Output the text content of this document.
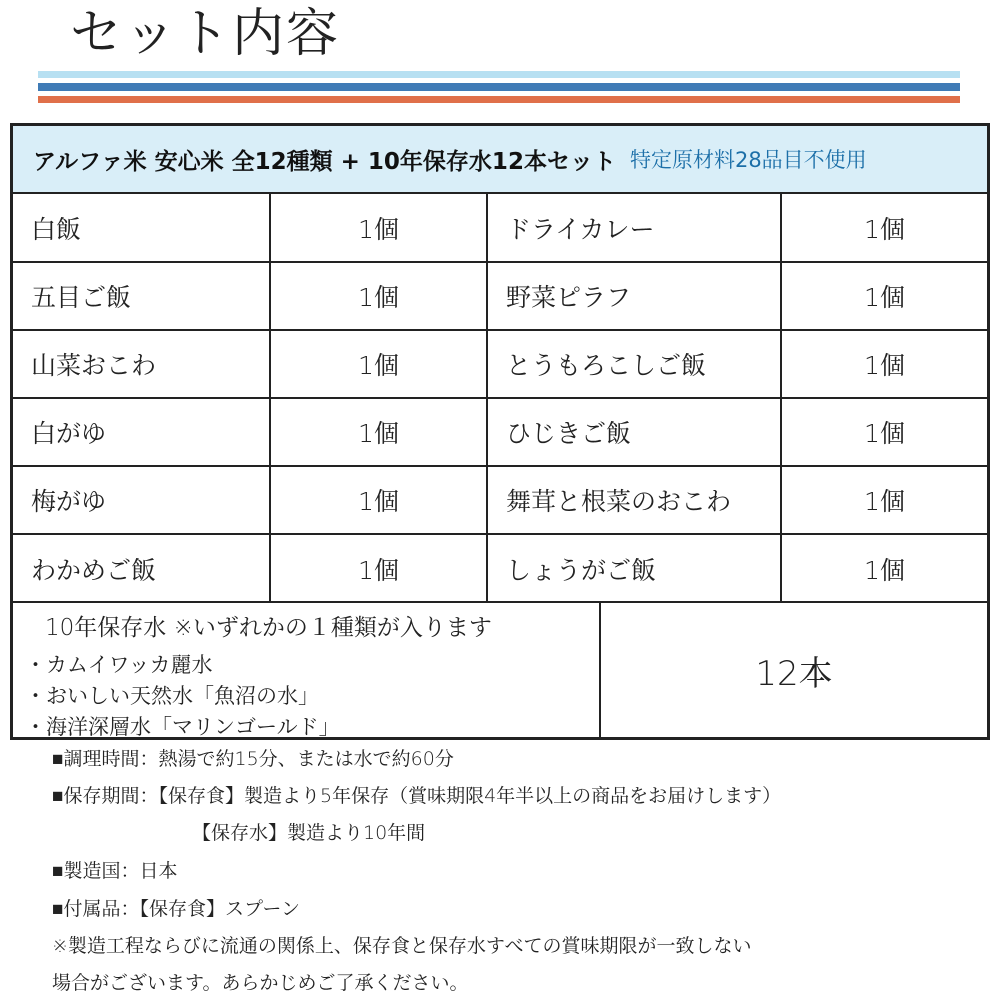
セット内容
アルファ米 安心米 全12種類 + 10年保存水12本セット 特定原材料28品目不使用
白飯	1個	ドライカレー	1個
五目ご飯	1個	野菜ピラフ	1個
山菜おこわ	1個	とうもろこしご飯	1個
白がゆ	1個	ひじきご飯	1個
梅がゆ	1個	舞茸と根菜のおこわ	1個
わかめご飯	1個	しょうがご飯	1個
10年保存水 ※いずれかの１種類が入ります
・カムイワッカ麗水
・おいしい天然水「魚沼の水」
・海洋深層水「マリンゴールド」
12本
■調理時間：熱湯で約15分、または水で約60分
■保存期間：【保存食】製造より5年保存（賞味期限4年半以上の商品をお届けします）
【保存水】製造より10年間
■製造国：日本
■付属品：【保存食】スプーン
※製造工程ならびに流通の関係上、保存食と保存水すべての賞味期限が一致しない
場合がございます。あらかじめご了承ください。
